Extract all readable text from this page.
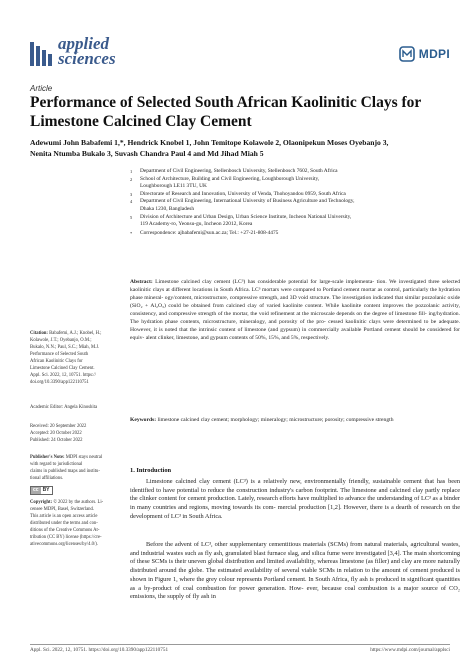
applied
sciences	MDPI
Article
Performance of Selected South African Kaolinitic Clays for Limestone Calcined Clay Cement
Adewumi John Babafemi 1,*, Hendrick Knobel 1, John Temitope Kolawole 2, Olaonipekun Moses Oyebanjo 3,
Nenita Ntumba Bukalo 3, Suvash Chandra Paul 4 and Md Jihad Miah 5
1 Department of Civil Engineering, Stellenbosch University, Stellenbosch 7602, South Africa
2 School of Architecture, Building and Civil Engineering, Loughborough University,
Loughborough LE11 3TU, UK
3 Directorate of Research and Innovation, University of Venda, Thohoyandou 0959, South Africa
4 Department of Civil Engineering, International University of Business Agriculture and Technology,
Dhaka 1230, Bangladesh
5 Division of Architecture and Urban Design, Urban Science Institute, Incheon National University,
119 Academy-ro, Yeonsu-gu, Incheon 22012, Korea
* Correspondence: ajbabafemi@sun.ac.za; Tel.: +27-21-808-4475
Abstract: Limestone calcined clay cement (LC³) has considerable potential for large-scale implementa- tion. We investigated three selected kaolinitic clays at different locations in South Africa. LC³ mortars were compared to Portland cement mortar as control, particularly the hydration phase mineral- ogy/content, microstructure, compressive strength, and 3D void structure. The investigation indicated that similar pozzolanic oxide (SiO₂ + Al₂O₃) could be obtained from calcined clay of varied kaolinite content. While kaolinite content improves the pozzolanic activity, consistency, and compressive strength of the mortar, the void refinement at the microscale depends on the degree of limestone fill- ing/hydration. The hydration phase contents, microstructure, mineralogy, and porosity of the pro- cessed kaolinitic clays were determined to be adequate. However, it is noted that the intrinsic content of limestone (and gypsum) in commercially available Portland cement should be considered for equiv- alent clinker, limestone, and gypsum contents of 50%, 15%, and 5%, respectively.
Keywords: limestone calcined clay cement; morphology; mineralogy; microstructure; porosity; compressive strength
Citation: Babafemi, A.J.; Knobel, H.;
Kolawole, J.T.; Oyebanjo, O.M.;
Bukalo, N.N.; Paul, S.C.; Miah, M.J.
Performance of Selected South
African Kaolinitic Clays for
Limestone Calcined Clay Cement.
Appl. Sci. 2022, 12, 10751. https://
doi.org/10.3390/app122110751
Academic Editor: Angela Kinoshita
Received: 20 September 2022
Accepted: 20 October 2022
Published: 24 October 2022
Publisher's Note: MDPI stays neutral
with regard to jurisdictional
claims in published maps and institu-
tional affiliations.
cc BY
Copyright: © 2022 by the authors. Li-
censee MDPI, Basel, Switzerland.
This article is an open access article
distributed under the terms and con-
ditions of the Creative Commons At-
tribution (CC BY) license (https://cre-
ativecommons.org/licenses/by/4.0/).
1. Introduction
Limestone calcined clay cement (LC³) is a relatively new, environmentally friendly, sustainable cement that has been identified to have potential to reduce the construction industry's carbon footprint. The limestone and calcined clay partly replace the clinker content for cement production. Lately, research efforts have multiplied to advance the understanding of LC³ as a binder in many countries and regions, moving towards its com- mercial production [1,2]. However, there is a dearth of research on the development of LC³ in South Africa.
Before the advent of LC³, other supplementary cementitious materials (SCMs) from natural materials, agricultural wastes, and industrial wastes such as fly ash, granulated blast furnace slag, and silica fume were investigated [3,4]. The main shortcoming of these SCMs is their uneven global distribution and limited availability, whereas limestone (as filler) and clay are more naturally distributed around the globe. The estimated availability of several viable SCMs in relation to the amount of cement produced is shown in Figure 1, where the grey colour represents Portland cement. In South Africa, fly ash is produced in significant quantities as a by-product of coal combustion for power generation. How- ever, because coal combustion is a major source of CO₂ emissions, the supply of fly ash in
Appl. Sci. 2022, 12, 10751. https://doi.org/10.3390/app122110751	https://www.mdpi.com/journal/applsci
